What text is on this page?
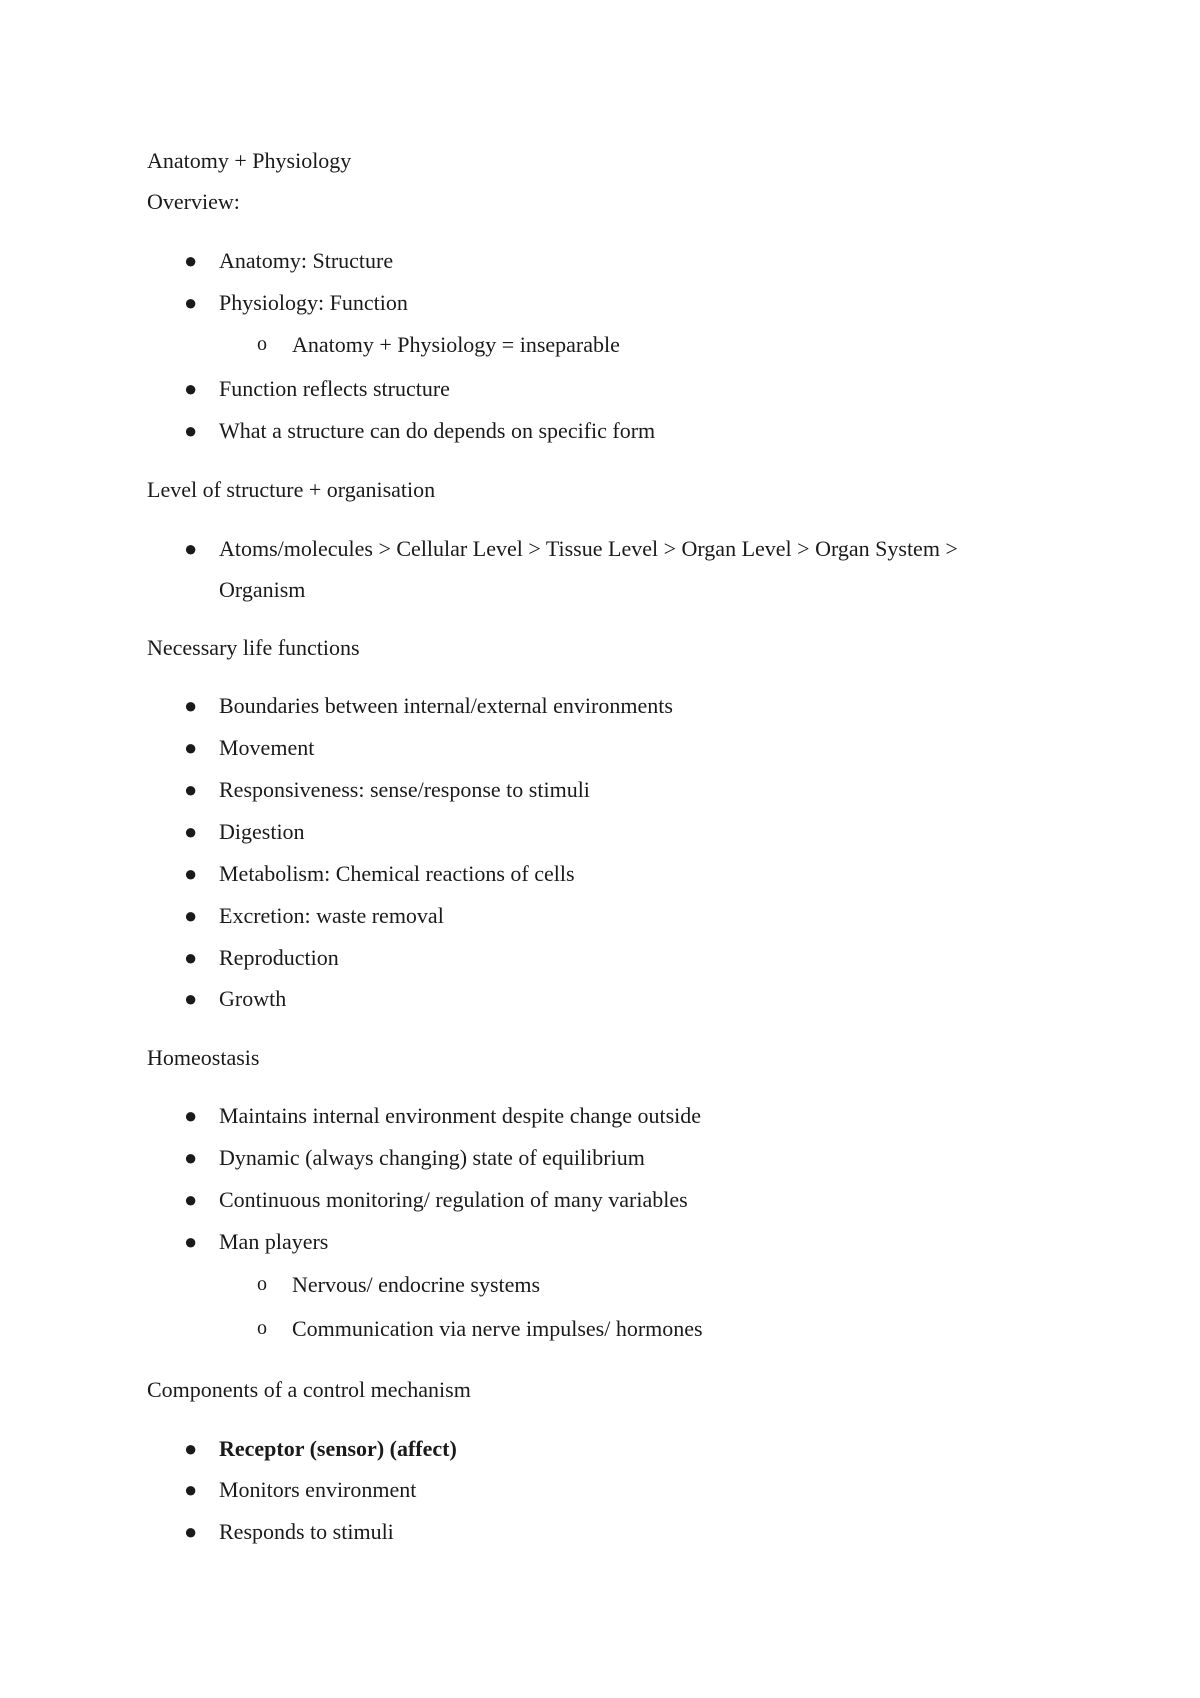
Anatomy + Physiology
Overview:
● Anatomy: Structure
● Physiology: Function
o Anatomy + Physiology = inseparable
● Function reflects structure
● What a structure can do depends on specific form
Level of structure + organisation
● Atoms/molecules > Cellular Level > Tissue Level > Organ Level > Organ System >
Organism
Necessary life functions
● Boundaries between internal/external environments
● Movement
● Responsiveness: sense/response to stimuli
● Digestion
● Metabolism: Chemical reactions of cells
● Excretion: waste removal
● Reproduction
● Growth
Homeostasis
● Maintains internal environment despite change outside
● Dynamic (always changing) state of equilibrium
● Continuous monitoring/ regulation of many variables
● Man players
o Nervous/ endocrine systems
o Communication via nerve impulses/ hormones
Components of a control mechanism
● Receptor (sensor) (affect)
● Monitors environment
● Responds to stimuli
